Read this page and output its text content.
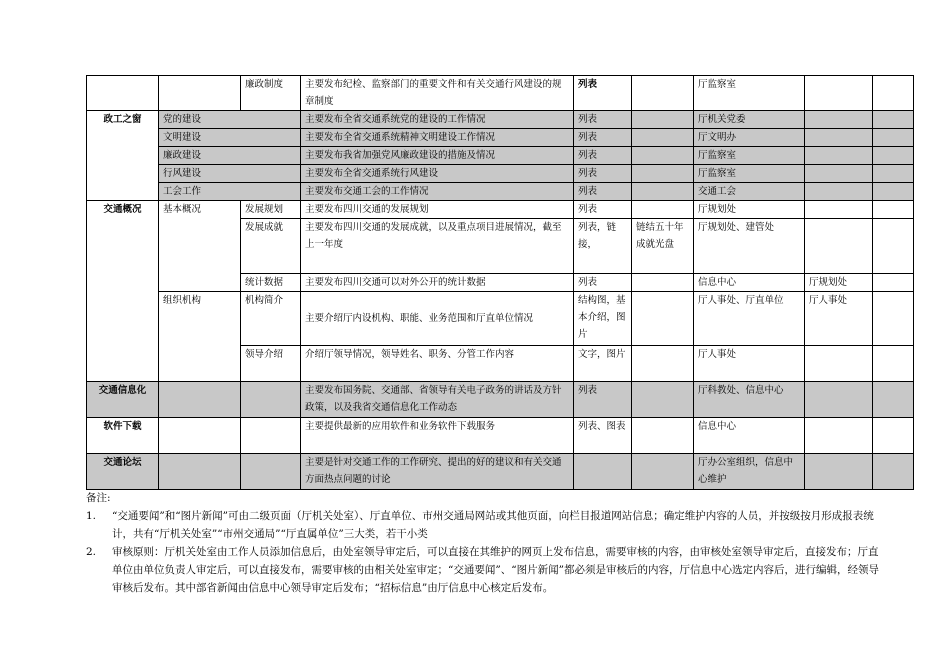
		廉政制度	主要发布纪检、监察部门的重要文件和有关交通行风建设的规章制度	列表		厅监察室		
政工之窗	党的建设		主要发布全省交通系统党的建设的工作情况	列表		厅机关党委		
	文明建设		主要发布全省交通系统精神文明建设工作情况	列表		厅文明办		
	廉政建设		主要发布我省加强党风廉政建设的措施及情况	列表		厅监察室		
	行风建设		主要发布全省交通系统行风建设	列表		厅监察室		
	工会工作		主要发布交通工会的工作情况	列表		交通工会		
交通概况	基本概况	发展规划	主要发布四川交通的发展规划	列表		厅规划处		
		发展成就	主要发布四川交通的发展成就，以及重点项目进展情况，截至上一年度	列表，链接，	链结五十年成就光盘	厅规划处、建管处		
		统计数据	主要发布四川交通可以对外公开的统计数据	列表		信息中心	厅规划处	
	组织机构	机构简介	主要介绍厅内设机构、职能、业务范围和厅直单位情况	结构图，基本介绍，图片		厅人事处、厅直单位	厅人事处	
		领导介绍	介绍厅领导情况，领导姓名、职务、分管工作内容	文字，图片		厅人事处		
交通信息化			主要发布国务院、交通部、省领导有关电子政务的讲话及方针政策，以及我省交通信息化工作动态	列表		厅科教处、信息中心		
软件下载			主要提供最新的应用软件和业务软件下载服务	列表、图表		信息中心		
交通论坛			主要是针对交通工作的工作研究、提出的好的建议和有关交通方面热点问题的讨论			厅办公室组织，信息中心维护		

备注:

1.	“交通要闻”和“图片新闻”可由二级页面（厅机关处室）、厅直单位、市州交通局网站或其他页面，向栏目报道网站信息；确定维护内容的人员，并按级按月形成报表统计，共有“厅机关处室”“市州交通局”“厅直属单位”三大类，若干小类
2.	审核原则：厅机关处室由工作人员添加信息后，由处室领导审定后，可以直接在其维护的网页上发布信息，需要审核的内容，由审核处室领导审定后，直接发布；厅直单位由单位负责人审定后，可以直接发布，需要审核的由相关处室审定；“交通要闻”、“图片新闻”都必须是审核后的内容，厅信息中心选定内容后，进行编辑，经领导审核后发布。其中部省新闻由信息中心领导审定后发布；“招标信息”由厅信息中心核定后发布。
